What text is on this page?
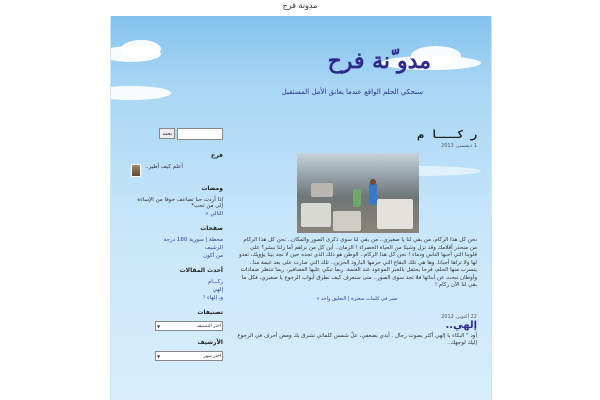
مدونة فرح
مدو ّنة فرح

سنحكي الحلم الواقع عندما يعانق الأمل المستقبل

بحث
فرح
أعلم كيف أطير..
ومضات
إذا أردت حبا تضاعف خوفا من الإساءة إلى من تحب*
التالي »
صفحات
محطة | سورية 180 درجة
الرشيف
من أكون
أحدث المقالات
ركـــام
إلهي
وـ إلهاء !
تصنيفات
▼	اختر التصنيف
الأرشيف
▼	اختر شهر
ر كـــا م
1 ديسمبر، 2013

نحن كل هذا الركام، من بقي لنا يا صغيري.. من بقي لنا سوى ذكرى الصور والمكان.. نحن كل هذا الركام من منحدر أقلامك وقد نزل وشيئا من الحياة الخضراء ! الزمان.. أين كل من نزاهم أما زلنا نبشر؟ على قلوبنا التي أحبها الناس ودماء ! نحن كل هذا الركام.. الوطن هو ذلك الذي تجده حين لا تجد بيتا يؤويك، تعدو لها ولا تراها أحيانا. وها هي تلك البقاع التي حرمها البارود الحزين.. تلك التي صارت على بعد غيمة منا.. يتسرب منها الحلم، فرحا يحتفل بالخبز الموعود عند العتمة. ربما تبكي عليها العصافير، ربما تنتظر ضمادات وأوطان تبحث عن أبنائها فلا تجد سوى الصور.. متى سنعرف كيف نطرق أبواب الرجوع يا صغيري، فكل ما بقي لنا الآن ركام !

نشر في كلمات مبعثرة | التعليق واحد »
22 أكتوبر، 2012
إلهي..

أود " البكاء يا إلهي أكثر بصوت رجال . أبدي بضعفي، علّ شمس كلماتي تشرق بك ومض أحرف في الرجوع إليك لوجهك..
